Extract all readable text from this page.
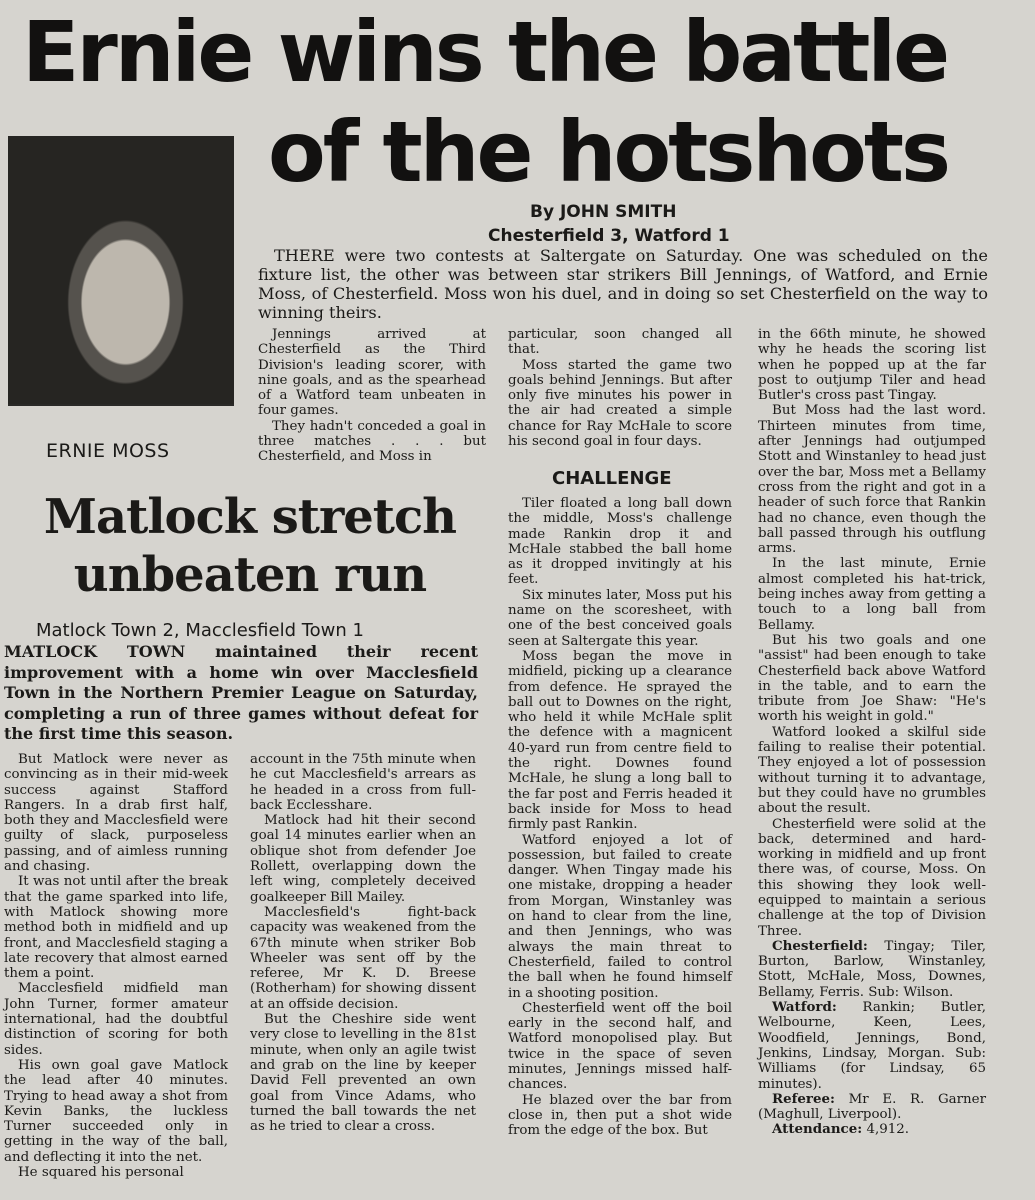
Ernie wins the battle
of the hotshots
ERNIE MOSS
By JOHN SMITH
Chesterfield 3, Watford 1
THERE were two contests at Saltergate on Saturday. One was scheduled on the fixture list, the other was between star strikers Bill Jennings, of Watford, and Ernie Moss, of Chesterfield. Moss won his duel, and in doing so set Chesterfield on the way to winning theirs.

Jennings arrived at Chesterfield as the Third Division's leading scorer, with nine goals, and as the spearhead of a Watford team unbeaten in four games.

They hadn't conceded a goal in three matches . . . but Chesterfield, and Moss in

particular, soon changed all that.

Moss started the game two goals behind Jennings. But after only five minutes his power in the air had created a simple chance for Ray McHale to score his second goal in four days.

CHALLENGE

Tiler floated a long ball down the middle, Moss's challenge made Rankin drop it and McHale stabbed the ball home as it dropped invitingly at his feet.

Six minutes later, Moss put his name on the scoresheet, with one of the best conceived goals seen at Saltergate this year.

Moss began the move in midfield, picking up a clearance from defence. He sprayed the ball out to Downes on the right, who held it while McHale split the defence with a magnicent 40-yard run from centre field to the right. Downes found McHale, he slung a long ball to the far post and Ferris headed it back inside for Moss to head firmly past Rankin.

Watford enjoyed a lot of possession, but failed to create danger. When Tingay made his one mistake, dropping a header from Morgan, Winstanley was on hand to clear from the line, and then Jennings, who was always the main threat to Chesterfield, failed to control the ball when he found himself in a shooting position.

Chesterfield went off the boil early in the second half, and Watford monopolised play. But twice in the space of seven minutes, Jennings missed half-chances.

He blazed over the bar from close in, then put a shot wide from the edge of the box. But

in the 66th minute, he showed why he heads the scoring list when he popped up at the far post to outjump Tiler and head Butler's cross past Tingay.

But Moss had the last word. Thirteen minutes from time, after Jennings had outjumped Stott and Winstanley to head just over the bar, Moss met a Bellamy cross from the right and got in a header of such force that Rankin had no chance, even though the ball passed through his outflung arms.

In the last minute, Ernie almost completed his hat-trick, being inches away from getting a touch to a long ball from Bellamy.

But his two goals and one "assist" had been enough to take Chesterfield back above Watford in the table, and to earn the tribute from Joe Shaw: "He's worth his weight in gold."

Watford looked a skilful side failing to realise their potential. They enjoyed a lot of possession without turning it to advantage, but they could have no grumbles about the result.

Chesterfield were solid at the back, determined and hard-working in midfield and up front there was, of course, Moss. On this showing they look well-equipped to maintain a serious challenge at the top of Division Three.

Chesterfield: Tingay; Tiler, Burton, Barlow, Winstanley, Stott, McHale, Moss, Downes, Bellamy, Ferris. Sub: Wilson.

Watford: Rankin; Butler, Welbourne, Keen, Lees, Woodfield, Jennings, Bond, Jenkins, Lindsay, Morgan. Sub: Williams (for Lindsay, 65 minutes).

Referee: Mr E. R. Garner (Maghull, Liverpool).

Attendance: 4,912.

Matlock stretch
unbeaten run
Matlock Town 2, Macclesfield Town 1
MATLOCK TOWN maintained their recent improvement with a home win over Macclesfield Town in the Northern Premier League on Saturday, completing a run of three games without defeat for the first time this season.

But Matlock were never as convincing as in their mid-week success against Stafford Rangers. In a drab first half, both they and Macclesfield were guilty of slack, purposeless passing, and of aimless running and chasing.

It was not until after the break that the game sparked into life, with Matlock showing more method both in midfield and up front, and Macclesfield staging a late recovery that almost earned them a point.

Macclesfield midfield man John Turner, former amateur international, had the doubtful distinction of scoring for both sides.

His own goal gave Matlock the lead after 40 minutes. Trying to head away a shot from Kevin Banks, the luckless Turner succeeded only in getting in the way of the ball, and deflecting it into the net.

He squared his personal

account in the 75th minute when he cut Macclesfield's arrears as he headed in a cross from full-back Ecclesshare.

Matlock had hit their second goal 14 minutes earlier when an oblique shot from defender Joe Rollett, overlapping down the left wing, completely deceived goalkeeper Bill Mailey.

Macclesfield's fight-back capacity was weakened from the 67th minute when striker Bob Wheeler was sent off by the referee, Mr K. D. Breese (Rotherham) for showing dissent at an offside decision.

But the Cheshire side went very close to levelling in the 81st minute, when only an agile twist and grab on the line by keeper David Fell prevented an own goal from Vince Adams, who turned the ball towards the net as he tried to clear a cross.
